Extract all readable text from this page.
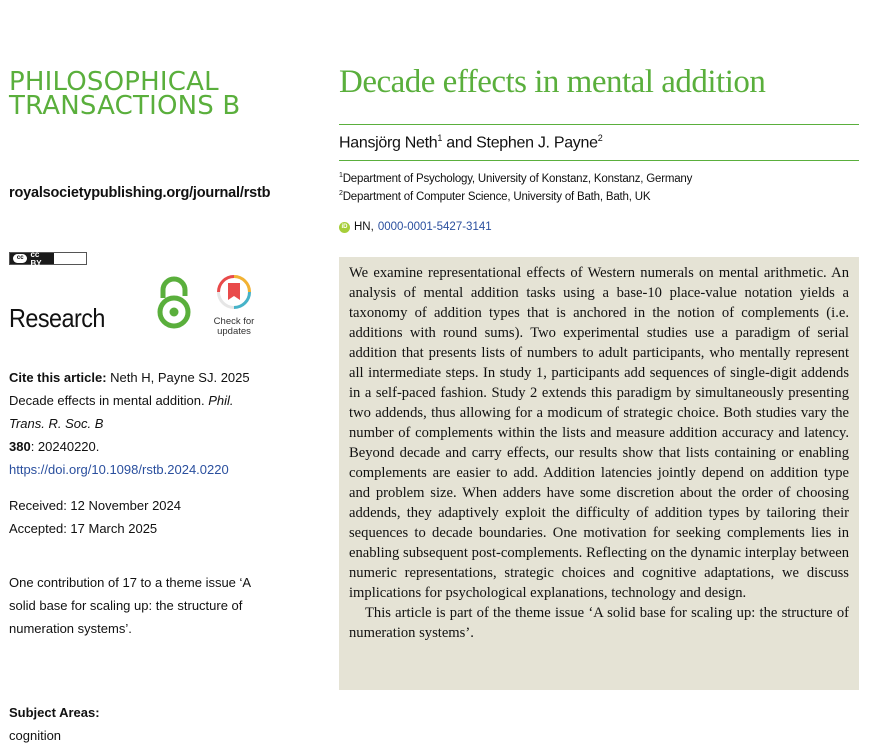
PHILOSOPHICAL
TRANSACTIONS B
royalsocietypublishing.org/journal/rstb
cc cc BY
Research	Check for
updates
Cite this article: Neth H, Payne SJ. 2025 Decade effects in mental addition. Phil. Trans. R. Soc. B
380: 20240220.
https://doi.org/10.1098/rstb.2024.0220
Received: 12 November 2024
Accepted: 17 March 2025
One contribution of 17 to a theme issue ‘A solid base for scaling up: the structure of numeration systems’.
Subject Areas:
cognition
Decade effects in mental addition
Hansjörg Neth$^1$ and Stephen J. Payne$^2$
$^1$Department of Psychology, University of Konstanz, Konstanz, Germany
$^2$Department of Computer Science, University of Bath, Bath, UK
iD HN, 0000-0001-5427-3141

We examine representational effects of Western numerals on mental arithmetic. An analysis of mental addition tasks using a base-10 place-value notation yields a taxonomy of addition types that is anchored in the notion of complements (i.e. additions with round sums). Two experimental studies use a paradigm of serial addition that presents lists of numbers to adult participants, who mentally represent all intermediate steps. In study 1, participants add sequences of single-digit addends in a self-paced fashion. Study 2 extends this paradigm by simultaneously presenting two addends, thus allowing for a modicum of strategic choice. Both studies vary the number of complements within the lists and measure addition accuracy and latency. Beyond decade and carry effects, our results show that lists containing or enabling complements are easier to add. Addition latencies jointly depend on addition type and problem size. When adders have some discretion about the order of choosing addends, they adaptively exploit the difficulty of addition types by tailoring their sequences to decade boundaries. One motivation for seeking complements lies in enabling subsequent post-complements. Reflecting on the dynamic interplay between numeric representations, strategic choices and cognitive adaptations, we discuss implications for psychological explanations, technology and design.

This article is part of the theme issue ‘A solid base for scaling up: the structure of numeration systems’.
